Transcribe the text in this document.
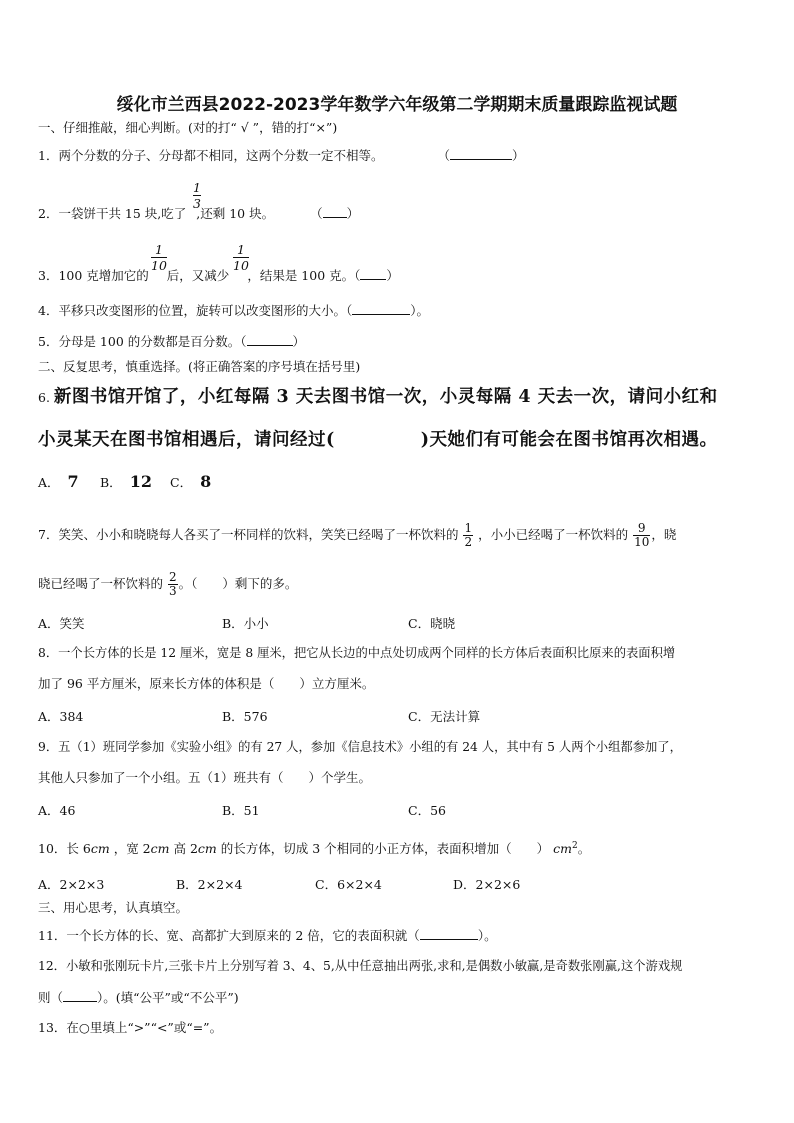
绥化市兰西县2022-2023学年数学六年级第二学期期末质量跟踪监视试题
一、仔细推敲，细心判断。(对的打“ √ ”，错的打“×”)
1．两个分数的分子、分母都不相同，这两个分数一定不相等。	（	）
1
3
2．一袋饼干共 15 块,吃了 ,还剩 10 块。	（ ）
1
10
1
10
3．100 克增加它的 后，又减少 ，结果是 100 克。（ ）
4．平移只改变图形的位置，旋转可以改变图形的大小。（	）。
5．分母是 100 的分数都是百分数。（	）
二、反复思考，慎重选择。(将正确答案的序号填在括号里)
6. 新图书馆开馆了，小红每隔 3 天去图书馆一次，小灵每隔 4 天去一次，请问小红和
小灵某天在图书馆相遇后，请问经过(	)天她们有可能会在图书馆再次相遇。
A． 7 B． 12 C． 8
7．笑笑、小小和晓晓每人各买了一杯同样的饮料，笑笑已经喝了一杯饮料的 $\frac{1}{2}$ ，小小已经喝了一杯饮料的 $\frac{9}{10}$ ，晓
晓已经喝了一杯饮料的 $\frac{2}{3}$ 。（　　）剩下的多。
A．笑笑	B．小小	C．晓晓
8．一个长方体的长是 12 厘米，宽是 8 厘米，把它从长边的中点处切成两个同样的长方体后表面积比原来的表面积增
加了 96 平方厘米，原来长方体的体积是（　　）立方厘米。
A．384	B．576	C．无法计算
9．五（1）班同学参加《实验小组》的有 27 人，参加《信息技术》小组的有 24 人，其中有 5 人两个小组都参加了，
其他人只参加了一个小组。五（1）班共有（　　）个学生。
A．46	B．51	C．56
10．长 6cm ，宽 2cm 高 2cm 的长方体，切成 3 个相同的小正方体，表面积增加（　　） $cm^2$。
A．2×2×3	B．2×2×4	C．6×2×4	D．2×2×6
三、用心思考，认真填空。
11．一个长方体的长、宽、高都扩大到原来的 2 倍，它的表面积就（	）。
12．小敏和张刚玩卡片,三张卡片上分别写着 3、4、5,从中任意抽出两张,求和,是偶数小敏赢,是奇数张刚赢,这个游戏规
则（	）。(填“公平”或“不公平”)
13．在○里填上“>”“<”或“=”。
